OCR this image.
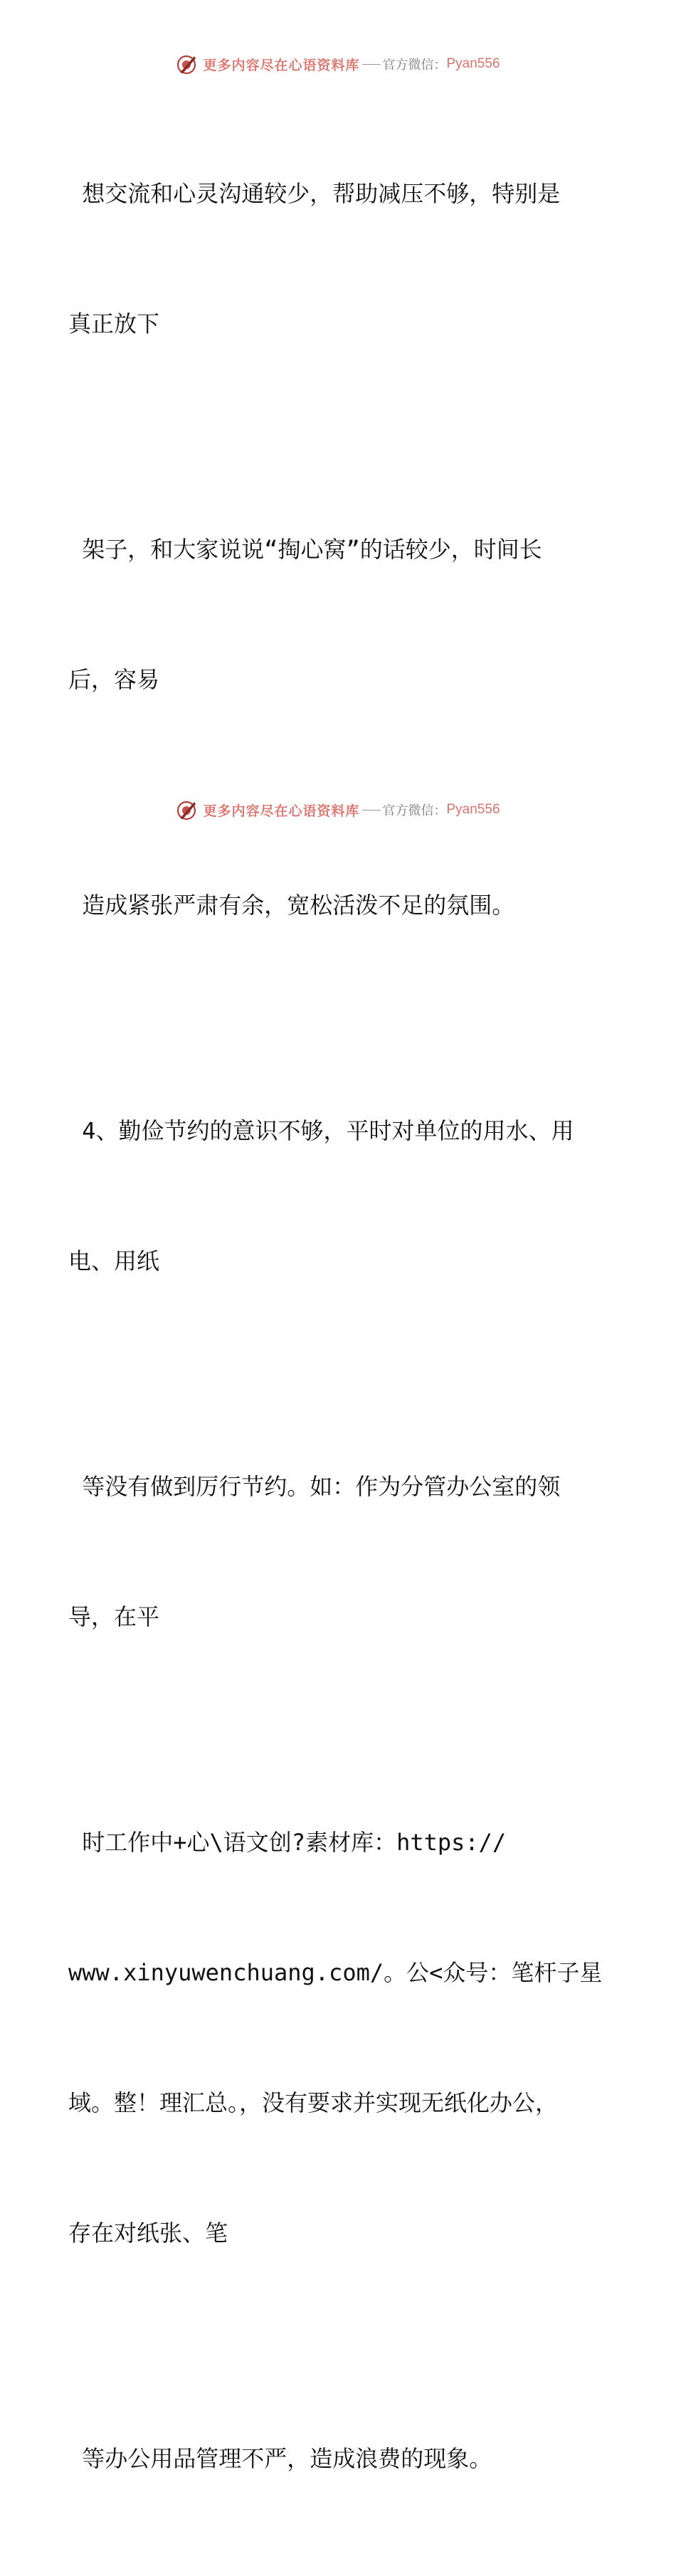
更多内容尽在心语资料库 官方微信： Pyan556

想交流和心灵沟通较少，帮助减压不够，特别是

真正放下

架子，和大家说说“掏心窝”的话较少，时间长

后，容易

造成紧张严肃有余，宽松活泼不足的氛围。

4、勤俭节约的意识不够，平时对单位的用水、用

电、用纸

等没有做到厉行节约。如：作为分管办公室的领

导，在平

时工作中+心\语文创?素材库：https://

www.xinyuwenchuang.com/。公<众号：笔杆子星

域。整！理汇总。，没有要求并实现无纸化办公，

存在对纸张、笔

等办公用品管理不严，造成浪费的现象。

更多内容尽在心语资料库 官方微信： Pyan556
